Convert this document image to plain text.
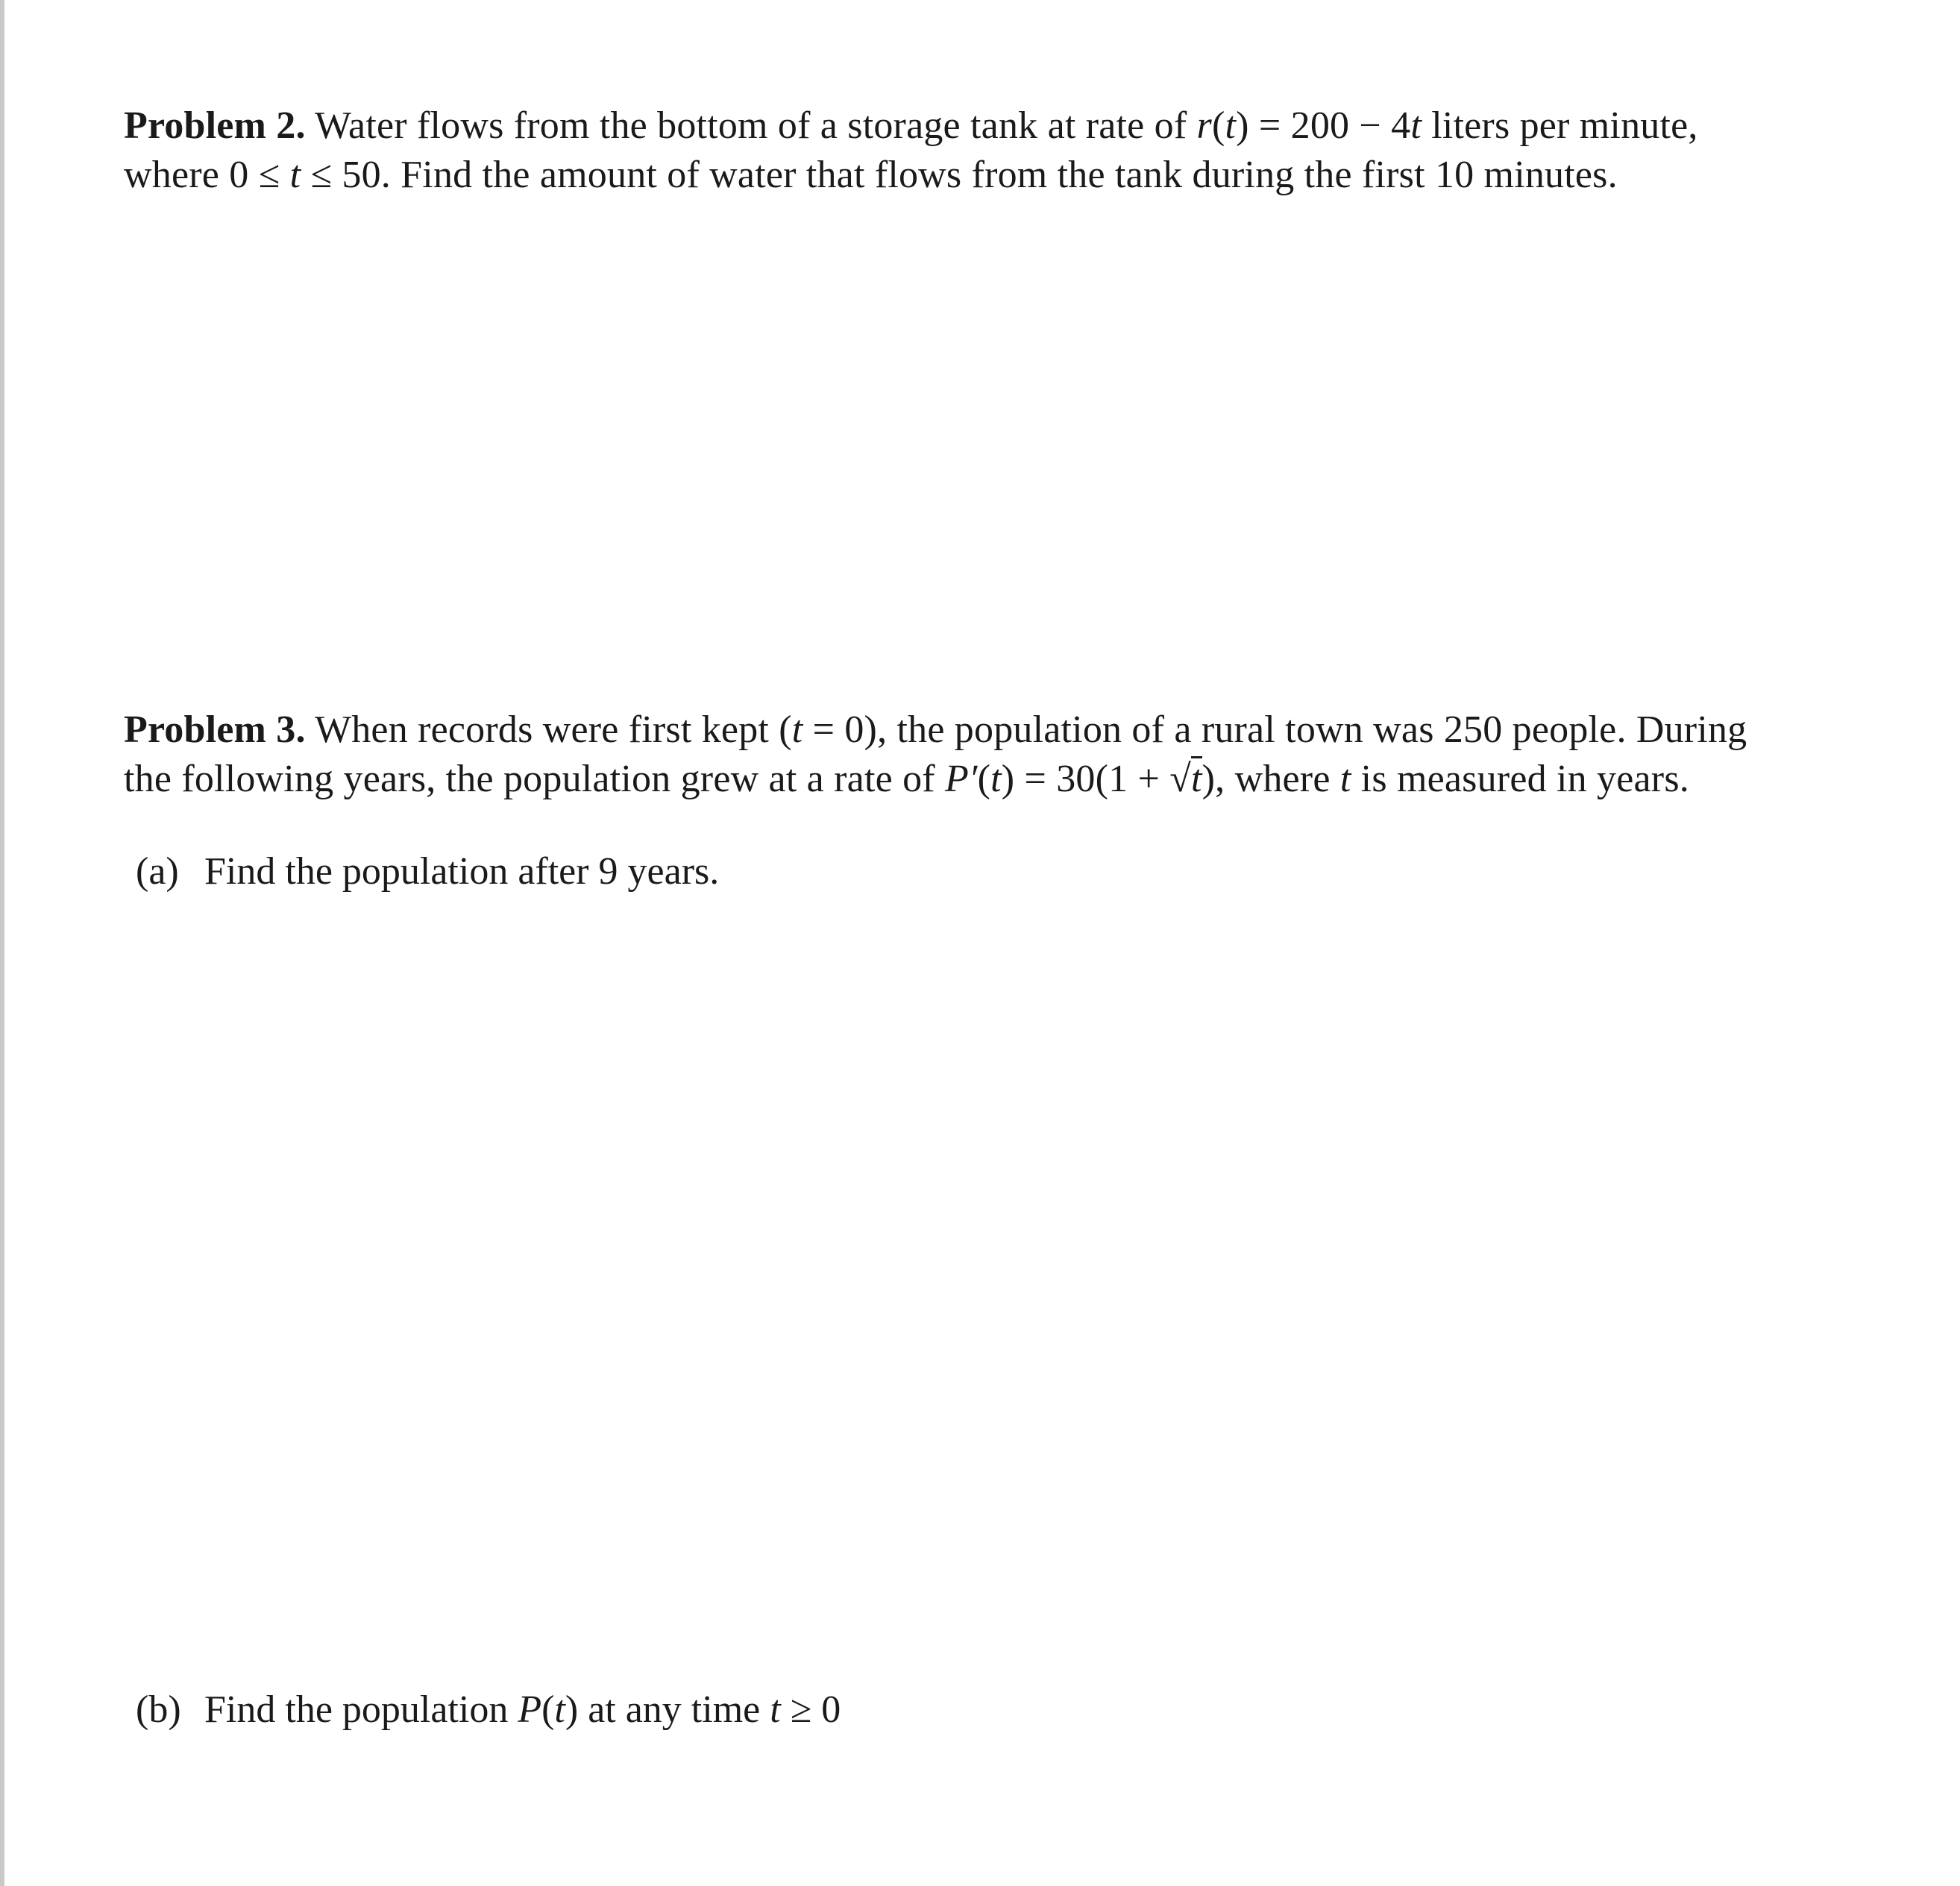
Problem 2. Water flows from the bottom of a storage tank at rate of r(t) = 200 − 4t liters per minute,
where 0 ≤ t ≤ 50. Find the amount of water that flows from the tank during the first 10 minutes.
Problem 3. When records were first kept (t = 0), the population of a rural town was 250 people. During
the following years, the population grew at a rate of P′(t) = 30(1 + √t), where t is measured in years.
(a) Find the population after 9 years.
(b) Find the population P(t) at any time t ≥ 0
